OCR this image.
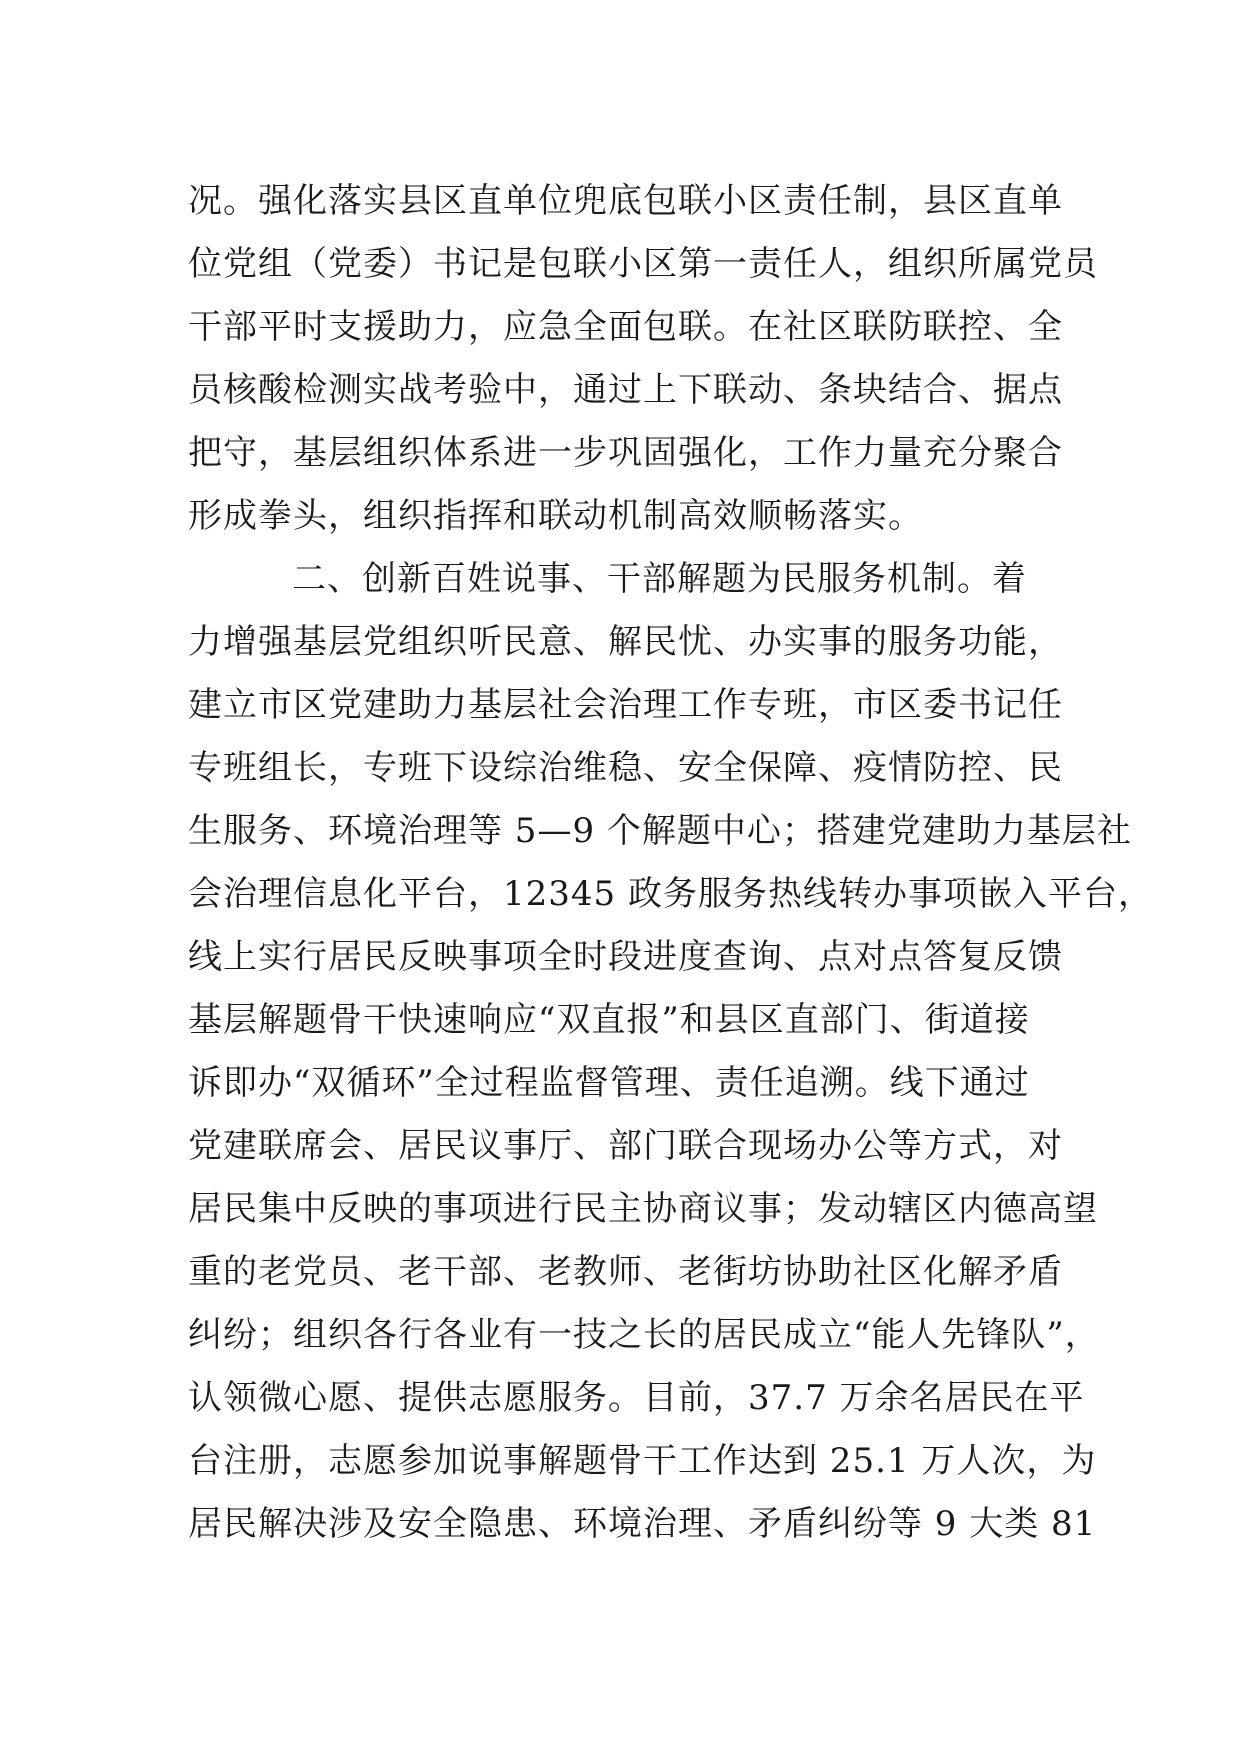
况。强化落实县区直单位兜底包联小区责任制，县区直单
位党组（党委）书记是包联小区第一责任人，组织所属党员
干部平时支援助力，应急全面包联。在社区联防联控、全
员核酸检测实战考验中，通过上下联动、条块结合、据点
把守，基层组织体系进一步巩固强化，工作力量充分聚合
形成拳头，组织指挥和联动机制高效顺畅落实。
二、创新百姓说事、干部解题为民服务机制。着
力增强基层党组织听民意、解民忧、办实事的服务功能，
建立市区党建助力基层社会治理工作专班，市区委书记任
专班组长，专班下设综治维稳、安全保障、疫情防控、民
生服务、环境治理等 5—9 个解题中心；搭建党建助力基层社
会治理信息化平台，12345 政务服务热线转办事项嵌入平台，
线上实行居民反映事项全时段进度查询、点对点答复反馈
基层解题骨干快速响应“双直报”和县区直部门、街道接
诉即办“双循环”全过程监督管理、责任追溯。线下通过
党建联席会、居民议事厅、部门联合现场办公等方式，对
居民集中反映的事项进行民主协商议事；发动辖区内德高望
重的老党员、老干部、老教师、老街坊协助社区化解矛盾
纠纷；组织各行各业有一技之长的居民成立“能人先锋队”，
认领微心愿、提供志愿服务。目前，37.7 万余名居民在平
台注册，志愿参加说事解题骨干工作达到 25.1 万人次，为
居民解决涉及安全隐患、环境治理、矛盾纠纷等 9 大类 81
